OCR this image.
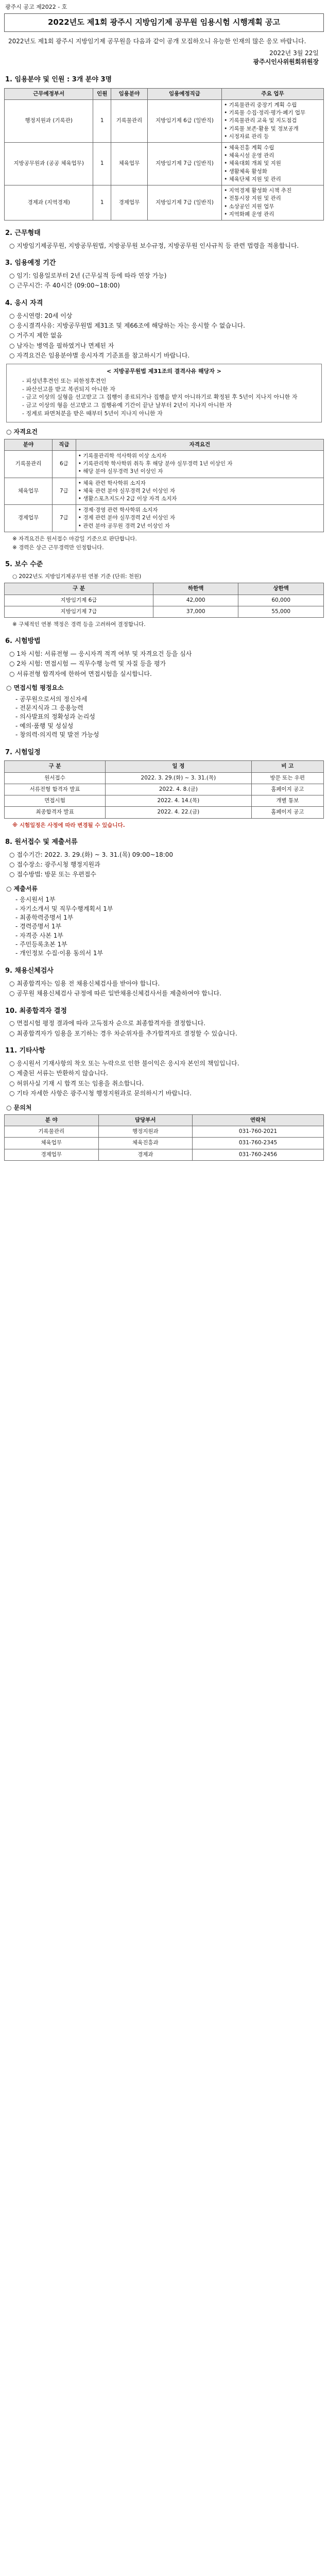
광주시 공고 제2022 - 호
2022년도 제1회 광주시 지방임기제 공무원 임용시험 시행계획 공고

2022년도 제1회 광주시 지방임기제 공무원을 다음과 같이 공개 모집하오니 유능한 인재의 많은 응모 바랍니다.

2022년 3월 22일
광주시인사위원회위원장
1. 임용분야 및 인원 : 3개 분야 3명
근무예정부서	인원	임용분야	임용예정직급	주요 업무
행정지원과 (기록관)	1	기록물관리	지방임기제 6급 (일반직)	• 기록물관리 중장기 계획 수립
• 기록물 수집·정리·평가·폐기 업무
• 기록물관리 교육 및 지도점검
• 기록물 보존·활용 및 정보공개
• 시정자료 관리 등

지방공무원과 (공공 체육업무)	1	체육업무	지방임기제 7급 (일반직)	• 체육진흥 계획 수립
• 체육시설 운영 관리
• 체육대회 개최 및 지원
• 생활체육 활성화
• 체육단체 지원 및 관리

경제과 (지역경제)	1	경제업무	지방임기제 7급 (일반직)	• 지역경제 활성화 시책 추진
• 전통시장 지원 및 관리
• 소상공인 지원 업무
• 지역화폐 운영 관리
2. 근무형태
○ 지방임기제공무원, 지방공무원법, 지방공무원 보수규정, 지방공무원 인사규칙 등 관련 법령을 적용합니다.
3. 임용예정 기간
○ 임기: 임용일로부터 2년 (근무실적 등에 따라 연장 가능)
○ 근무시간: 주 40시간 (09:00~18:00)
4. 응시 자격
○ 응시연령: 20세 이상
○ 응시결격사유: 지방공무원법 제31조 및 제66조에 해당하는 자는 응시할 수 없습니다.
○ 거주지 제한 없음
○ 남자는 병역을 필하였거나 면제된 자
○ 자격요건은 임용분야별 응시자격 기준표를 참고하시기 바랍니다.
< 지방공무원법 제31조의 결격사유 해당자 >
- 피성년후견인 또는 피한정후견인
- 파산선고를 받고 복권되지 아니한 자
- 금고 이상의 실형을 선고받고 그 집행이 종료되거나 집행을 받지 아니하기로 확정된 후 5년이 지나지 아니한 자
- 금고 이상의 형을 선고받고 그 집행유예 기간이 끝난 날부터 2년이 지나지 아니한 자
- 징계로 파면처분을 받은 때부터 5년이 지나지 아니한 자
○ 자격요건
분야	직급	자격요건
기록물관리	6급	• 기록물관리학 석사학위 이상 소지자
• 기록관리학 학사학위 취득 후 해당 분야 실무경력 1년 이상인 자
• 해당 분야 실무경력 3년 이상인 자

체육업무	7급	• 체육 관련 학사학위 소지자
• 체육 관련 분야 실무경력 2년 이상인 자
• 생활스포츠지도사 2급 이상 자격 소지자

경제업무	7급	• 경제·경영 관련 학사학위 소지자
• 경제 관련 분야 실무경력 2년 이상인 자
• 관련 분야 공무원 경력 2년 이상인 자
※ 자격요건은 원서접수 마감일 기준으로 판단합니다.
※ 경력은 상근 근무경력만 인정합니다.
5. 보수 수준
○ 2022년도 지방임기제공무원 연봉 기준 (단위: 천원)
구 분	하한액	상한액
지방임기제 6급	42,000	60,000
지방임기제 7급	37,000	55,000
※ 구체적인 연봉 책정은 경력 등을 고려하여 결정합니다.
6. 시험방법
○ 1차 시험: 서류전형 — 응시자격 적격 여부 및 자격요건 등을 심사
○ 2차 시험: 면접시험 — 직무수행 능력 및 자질 등을 평가
○ 서류전형 합격자에 한하여 면접시험을 실시합니다.
○ 면접시험 평정요소
- 공무원으로서의 정신자세
- 전문지식과 그 응용능력
- 의사발표의 정확성과 논리성
- 예의·품행 및 성실성
- 창의력·의지력 및 발전 가능성
7. 시험일정
구 분	일 정	비 고
원서접수	2022. 3. 29.(화) ~ 3. 31.(목)	방문 또는 우편
서류전형 합격자 발표	2022. 4. 8.(금)	홈페이지 공고
면접시험	2022. 4. 14.(목)	개별 통보
최종합격자 발표	2022. 4. 22.(금)	홈페이지 공고
※ 시험일정은 사정에 따라 변경될 수 있습니다.
8. 원서접수 및 제출서류
○ 접수기간: 2022. 3. 29.(화) ~ 3. 31.(목) 09:00~18:00
○ 접수장소: 광주시청 행정지원과
○ 접수방법: 방문 또는 우편접수
○ 제출서류
- 응시원서 1부
- 자기소개서 및 직무수행계획서 1부
- 최종학력증명서 1부
- 경력증명서 1부
- 자격증 사본 1부
- 주민등록초본 1부
- 개인정보 수집·이용 동의서 1부
9. 채용신체검사
○ 최종합격자는 임용 전 채용신체검사를 받아야 합니다.
○ 공무원 채용신체검사 규정에 따른 일반채용신체검사서를 제출하여야 합니다.
10. 최종합격자 결정
○ 면접시험 평정 결과에 따라 고득점자 순으로 최종합격자를 결정합니다.
○ 최종합격자가 임용을 포기하는 경우 차순위자를 추가합격자로 결정할 수 있습니다.
11. 기타사항
○ 응시원서 기재사항의 착오 또는 누락으로 인한 불이익은 응시자 본인의 책임입니다.
○ 제출된 서류는 반환하지 않습니다.
○ 허위사실 기재 시 합격 또는 임용을 취소합니다.
○ 기타 자세한 사항은 광주시청 행정지원과로 문의하시기 바랍니다.
○ 문의처
분 야	담당부서	연락처
기록물관리	행정지원과	031-760-2021
체육업무	체육진흥과	031-760-2345
경제업무	경제과	031-760-2456
